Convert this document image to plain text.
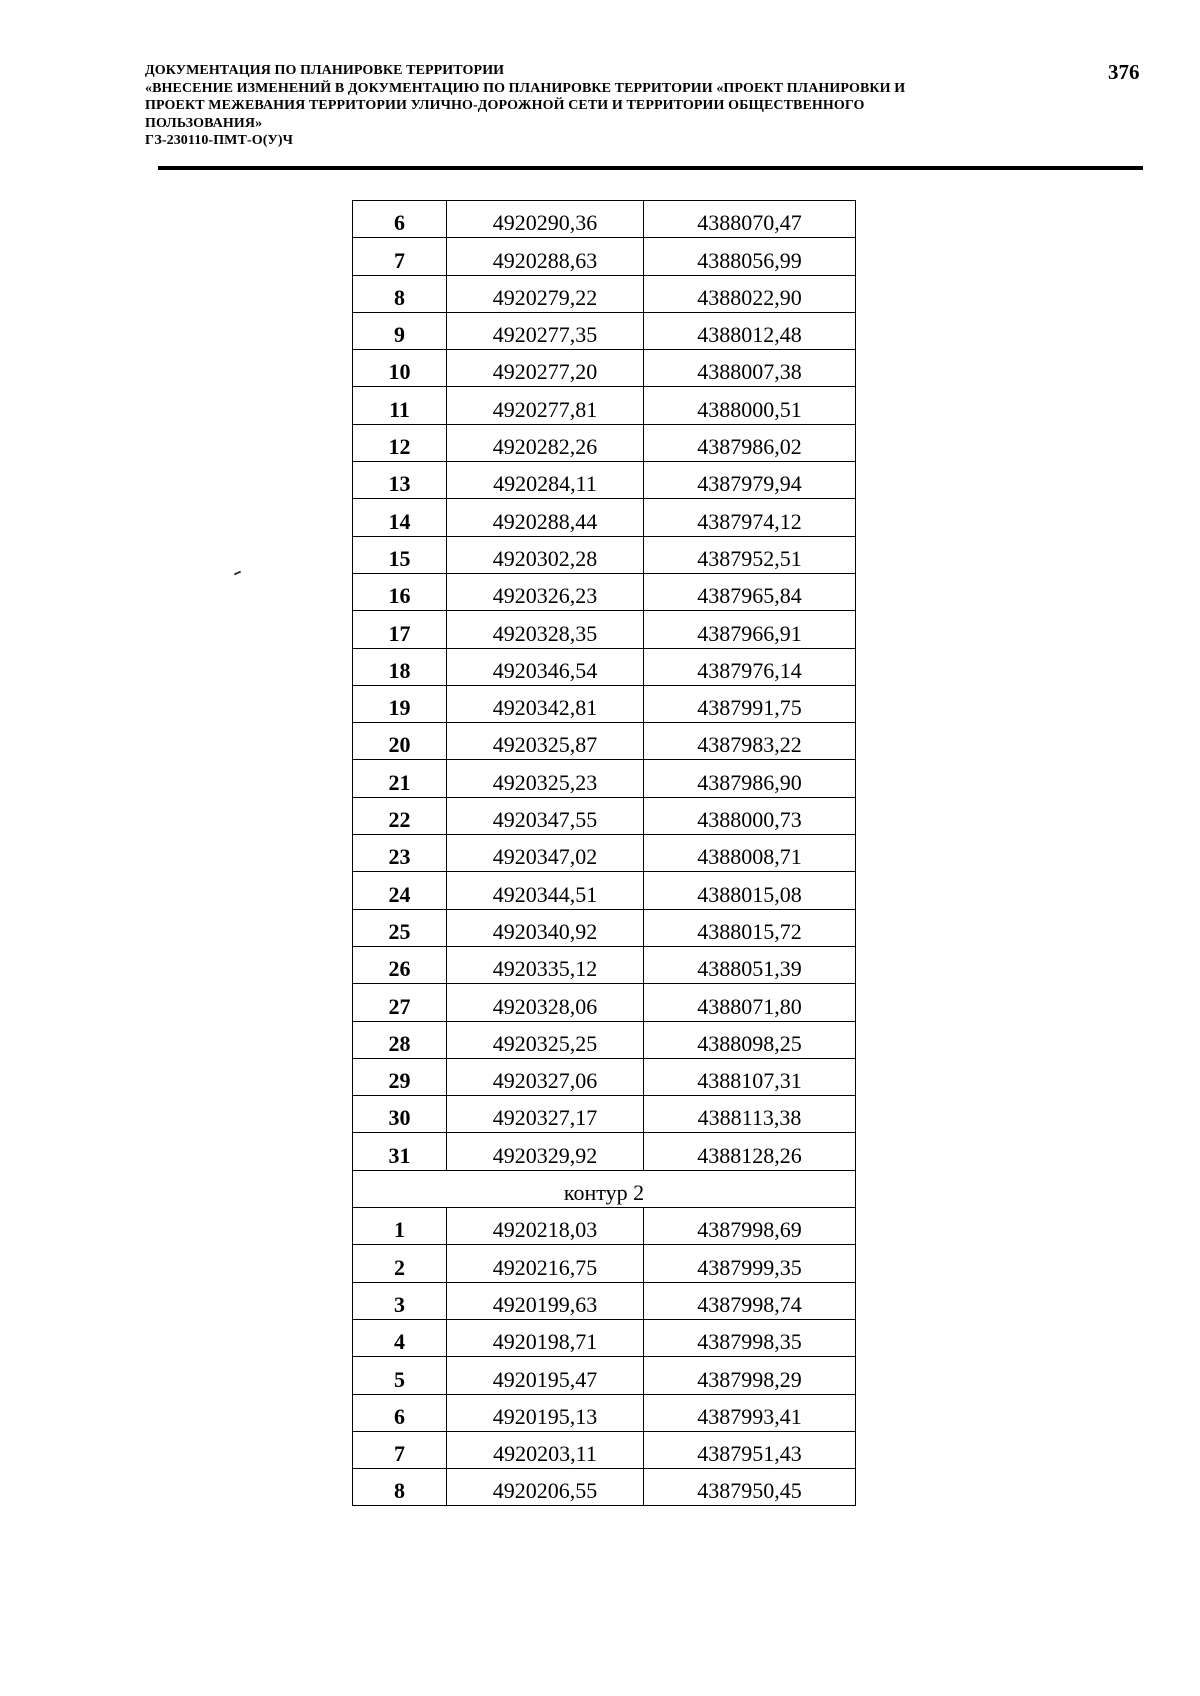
ДОКУМЕНТАЦИЯ ПО ПЛАНИРОВКЕ ТЕРРИТОРИИ
«ВНЕСЕНИЕ ИЗМЕНЕНИЙ В ДОКУМЕНТАЦИЮ ПО ПЛАНИРОВКЕ ТЕРРИТОРИИ «ПРОЕКТ ПЛАНИРОВКИ И
ПРОЕКТ МЕЖЕВАНИЯ ТЕРРИТОРИИ УЛИЧНО-ДОРОЖНОЙ СЕТИ И ТЕРРИТОРИИ ОБЩЕСТВЕННОГО
ПОЛЬЗОВАНИЯ»
ГЗ-230110-ПМТ-О(У)Ч
376
6	4920290,36	4388070,47
7	4920288,63	4388056,99
8	4920279,22	4388022,90
9	4920277,35	4388012,48
10	4920277,20	4388007,38
11	4920277,81	4388000,51
12	4920282,26	4387986,02
13	4920284,11	4387979,94
14	4920288,44	4387974,12
15	4920302,28	4387952,51
16	4920326,23	4387965,84
17	4920328,35	4387966,91
18	4920346,54	4387976,14
19	4920342,81	4387991,75
20	4920325,87	4387983,22
21	4920325,23	4387986,90
22	4920347,55	4388000,73
23	4920347,02	4388008,71
24	4920344,51	4388015,08
25	4920340,92	4388015,72
26	4920335,12	4388051,39
27	4920328,06	4388071,80
28	4920325,25	4388098,25
29	4920327,06	4388107,31
30	4920327,17	4388113,38
31	4920329,92	4388128,26
контур 2		
1	4920218,03	4387998,69
2	4920216,75	4387999,35
3	4920199,63	4387998,74
4	4920198,71	4387998,35
5	4920195,47	4387998,29
6	4920195,13	4387993,41
7	4920203,11	4387951,43
8	4920206,55	4387950,45
